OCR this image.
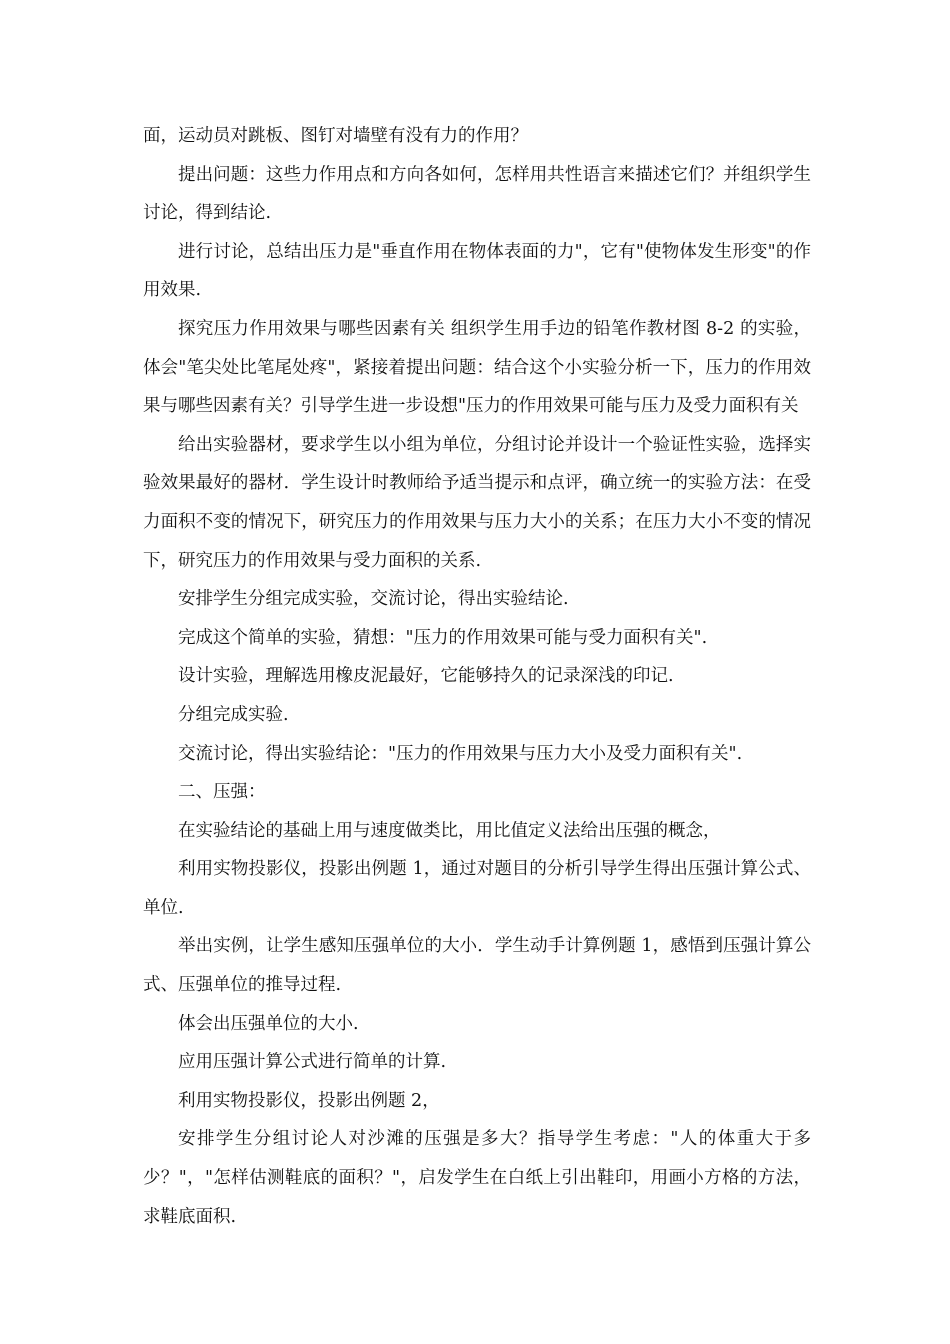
面，运动员对跳板、图钉对墙壁有没有力的作用？

提出问题：这些力作用点和方向各如何，怎样用共性语言来描述它们？并组织学生讨论，得到结论.

进行讨论，总结出压力是"垂直作用在物体表面的力"，它有"使物体发生形变"的作用效果.

探究压力作用效果与哪些因素有关 组织学生用手边的铅笔作教材图 8-2 的实验，体会"笔尖处比笔尾处疼"，紧接着提出问题：结合这个小实验分析一下，压力的作用效果与哪些因素有关？引导学生进一步设想"压力的作用效果可能与压力及受力面积有关

给出实验器材，要求学生以小组为单位，分组讨论并设计一个验证性实验，选择实验效果最好的器材．学生设计时教师给予适当提示和点评，确立统一的实验方法：在受力面积不变的情况下，研究压力的作用效果与压力大小的关系；在压力大小不变的情况下，研究压力的作用效果与受力面积的关系.

安排学生分组完成实验，交流讨论，得出实验结论.

完成这个简单的实验，猜想："压力的作用效果可能与受力面积有关".

设计实验，理解选用橡皮泥最好，它能够持久的记录深浅的印记.

分组完成实验.

交流讨论，得出实验结论："压力的作用效果与压力大小及受力面积有关".

二、压强：

在实验结论的基础上用与速度做类比，用比值定义法给出压强的概念，

利用实物投影仪，投影出例题 1，通过对题目的分析引导学生得出压强计算公式、单位.

举出实例，让学生感知压强单位的大小．学生动手计算例题 1，感悟到压强计算公式、压强单位的推导过程.

体会出压强单位的大小.

应用压强计算公式进行简单的计算.

利用实物投影仪，投影出例题 2，

安排学生分组讨论人对沙滩的压强是多大？指导学生考虑："人的体重大于多少？"，"怎样估测鞋底的面积？"，启发学生在白纸上引出鞋印，用画小方格的方法，求鞋底面积.
